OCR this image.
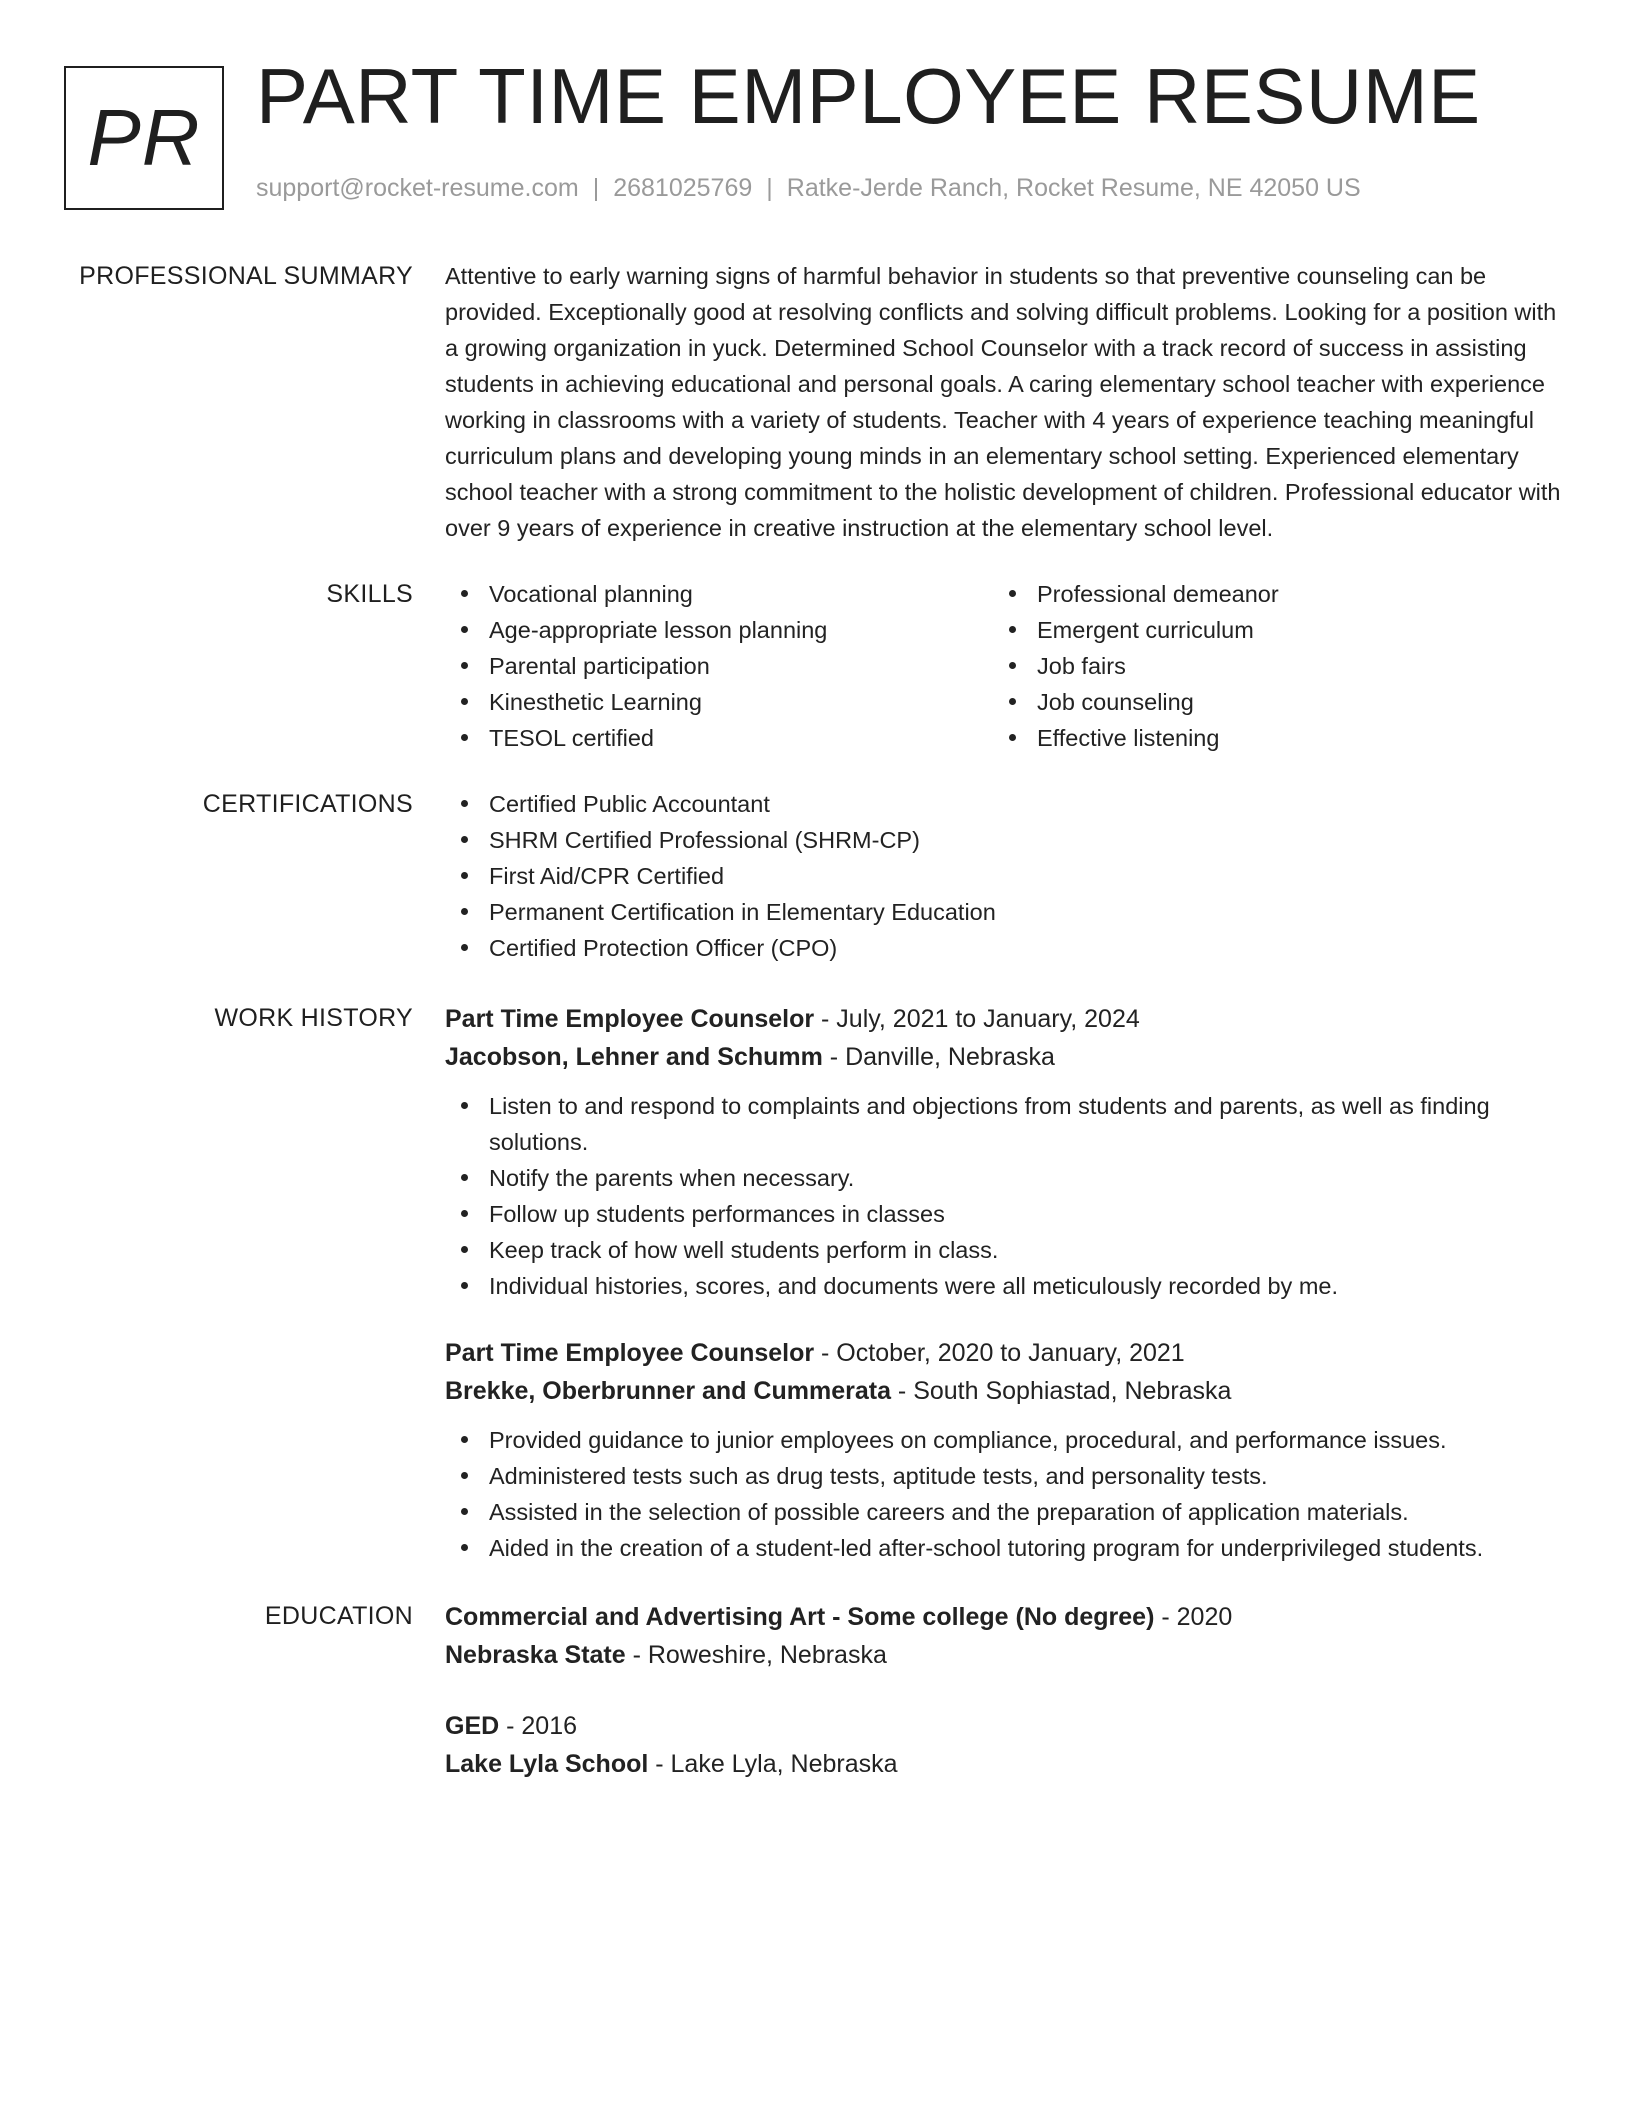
PR PART TIME EMPLOYEE RESUME
support@rocket-resume.com | 2681025769 | Ratke-Jerde Ranch, Rocket Resume, NE 42050 US
PROFESSIONAL SUMMARY Attentive to early warning signs of harmful behavior in students so that preventive counseling can be provided. Exceptionally good at resolving conflicts and solving difficult problems. Looking for a position with a growing organization in yuck. Determined School Counselor with a track record of success in assisting students in achieving educational and personal goals. A caring elementary school teacher with experience working in classrooms with a variety of students. Teacher with 4 years of experience teaching meaningful curriculum plans and developing young minds in an elementary school setting. Experienced elementary school teacher with a strong commitment to the holistic development of children. Professional educator with over 9 years of experience in creative instruction at the elementary school level.

SKILLS	Vocational planning
Age-appropriate lesson planning
Parental participation
Kinesthetic Learning
TESOL certified
Professional demeanor
Emergent curriculum
Job fairs
Job counseling
Effective listening
CERTIFICATIONS	Certified Public Accountant
SHRM Certified Professional (SHRM-CP)
First Aid/CPR Certified
Permanent Certification in Elementary Education
Certified Protection Officer (CPO)
WORK HISTORY Part Time Employee Counselor - July, 2021 to January, 2024
Jacobson, Lehner and Schumm - Danville, Nebraska
Listen to and respond to complaints and objections from students and parents, as well as finding solutions.
Notify the parents when necessary.
Follow up students performances in classes
Keep track of how well students perform in class.
Individual histories, scores, and documents were all meticulously recorded by me.
Part Time Employee Counselor - October, 2020 to January, 2021
Brekke, Oberbrunner and Cummerata - South Sophiastad, Nebraska
Provided guidance to junior employees on compliance, procedural, and performance issues.
Administered tests such as drug tests, aptitude tests, and personality tests.
Assisted in the selection of possible careers and the preparation of application materials.
Aided in the creation of a student-led after-school tutoring program for underprivileged students.
EDUCATION Commercial and Advertising Art - Some college (No degree) - 2020
Nebraska State - Roweshire, Nebraska
GED - 2016
Lake Lyla School - Lake Lyla, Nebraska
